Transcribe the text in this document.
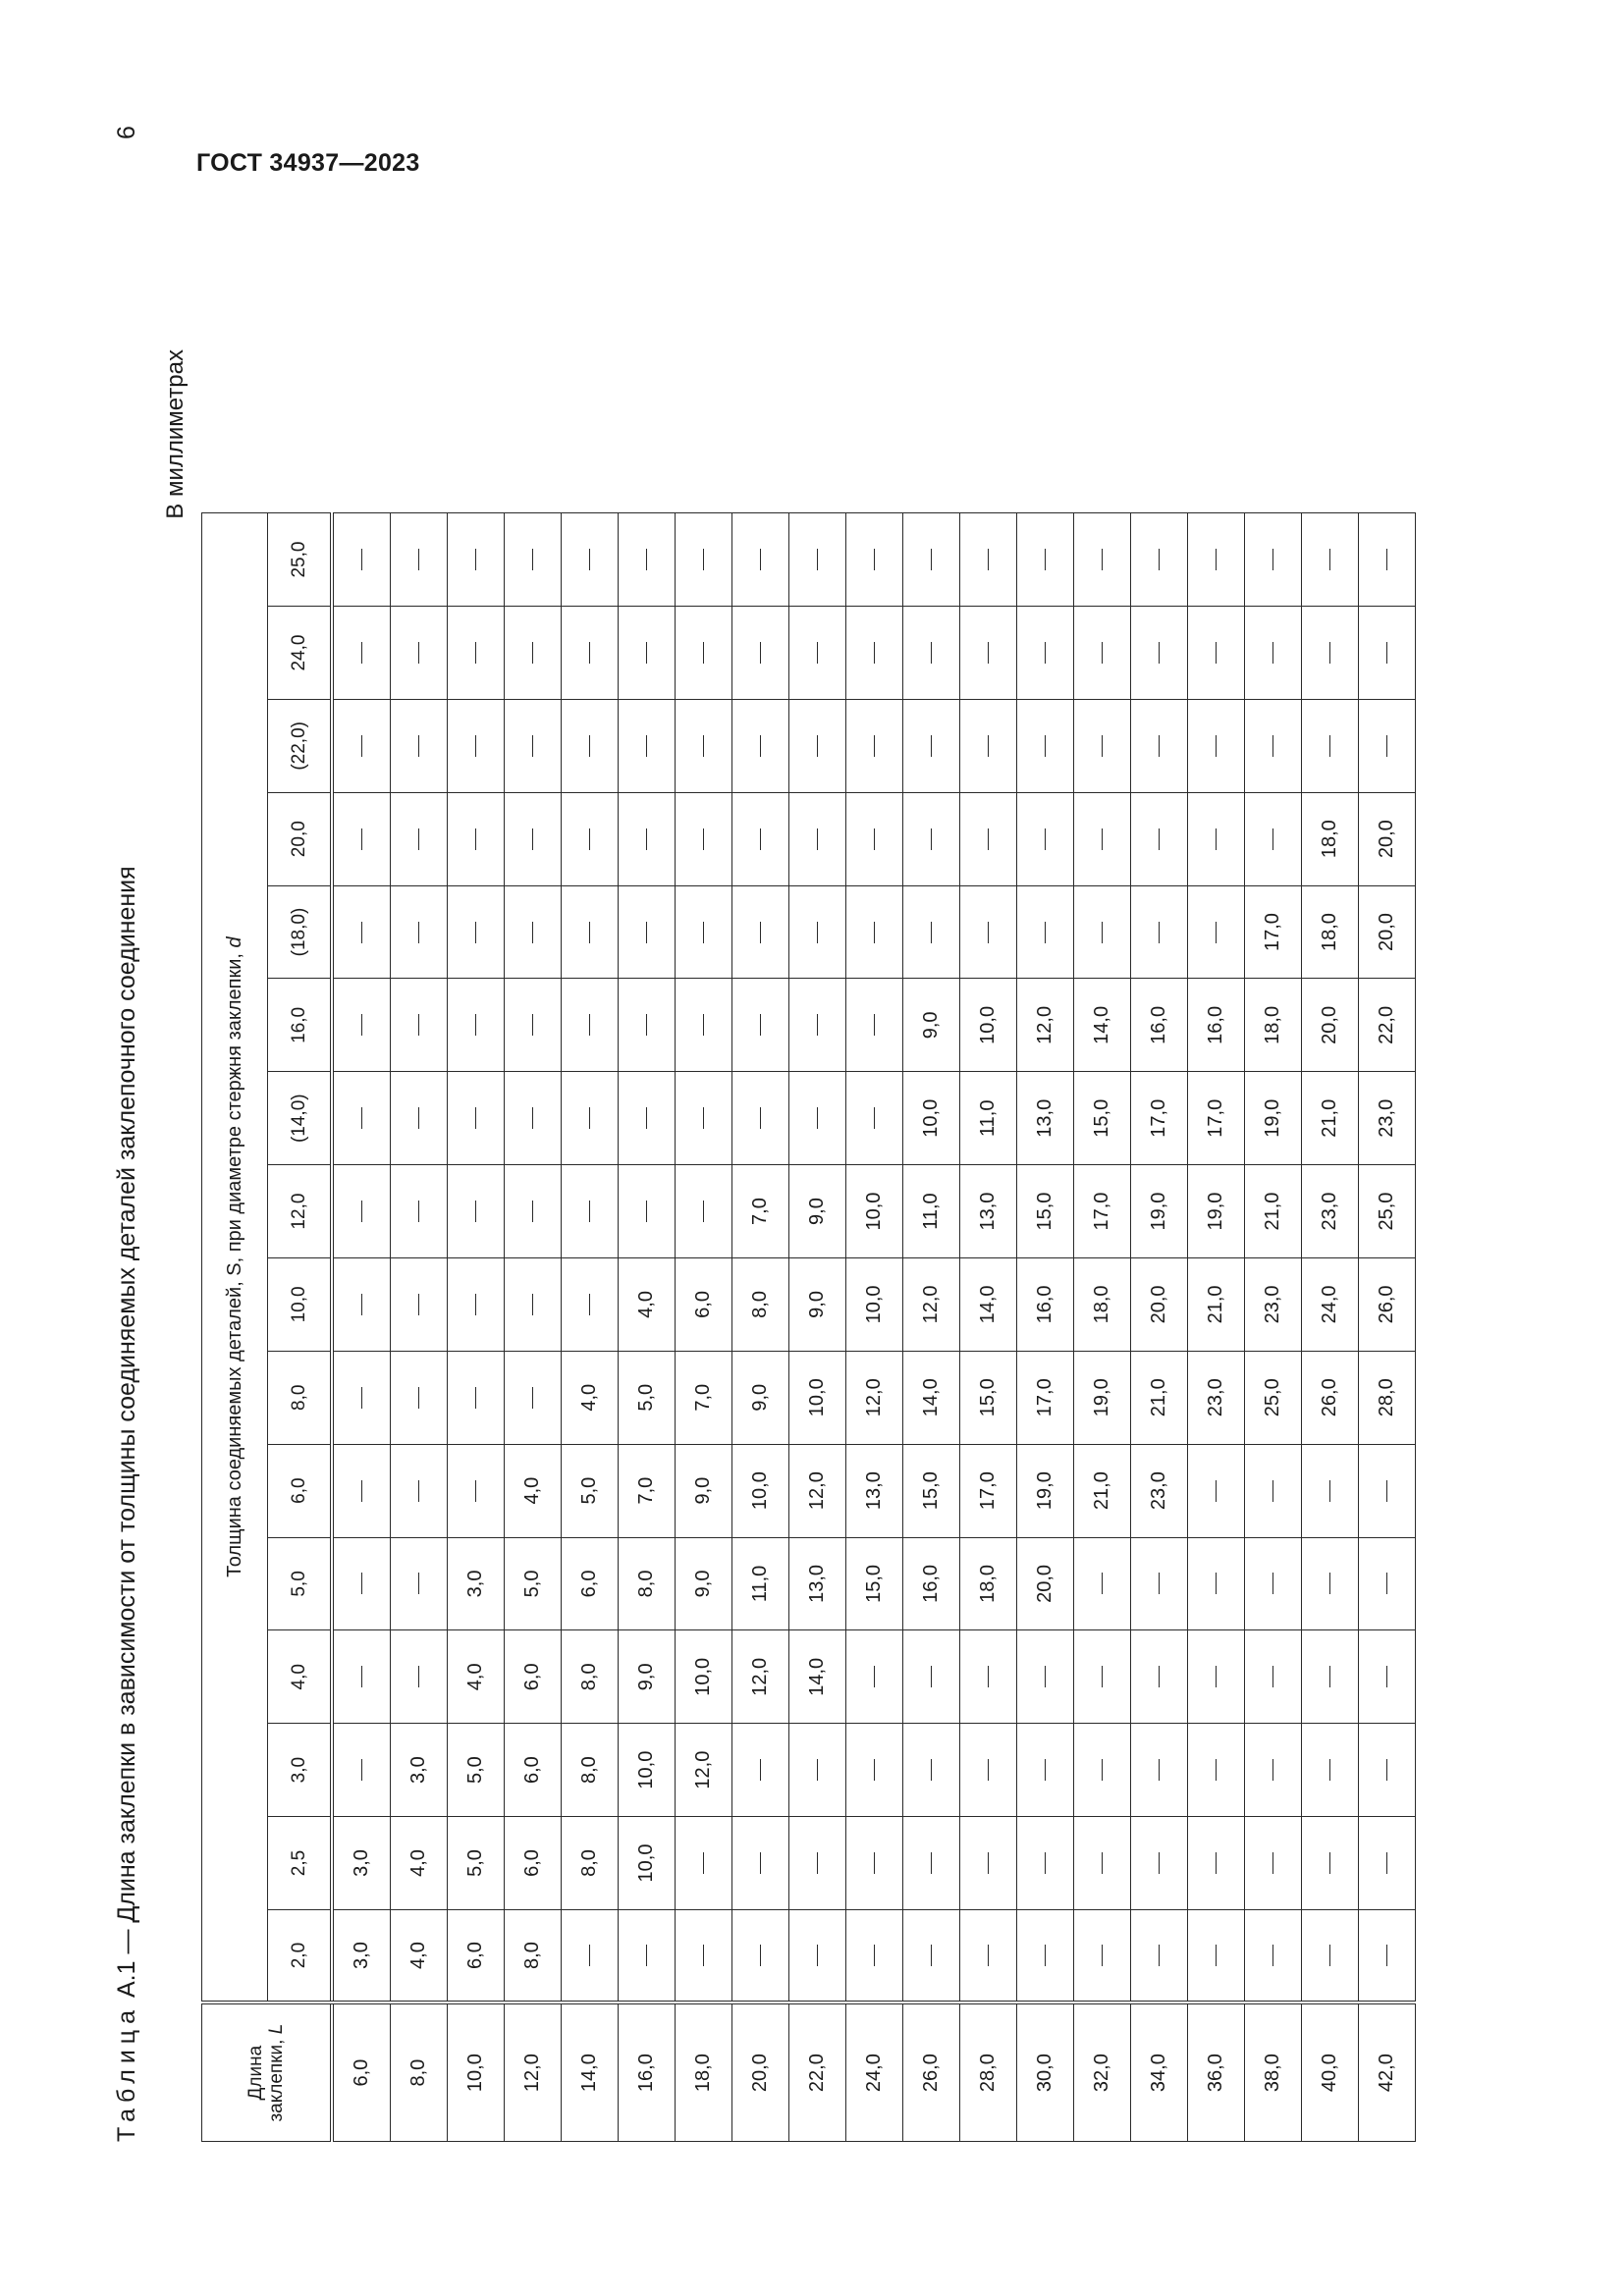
ГОСТ 34937—2023
Таблица А.1 — Длина заклепки в зависимости от толщины соединяемых деталей заклепочного соединения
6
В миллиметрах
Длина
заклепки, L	Толщина соединяемых деталей, S, при диаметре стержня заклепки, d															
	2,0	2,5	3,0	4,0	5,0	6,0	8,0	10,0	12,0	(14,0)	16,0	(18,0)	20,0	(22,0)	24,0	25,0
6,0	3,0	3,0														
8,0	4,0	4,0	3,0													
10,0	6,0	5,0	5,0	4,0	3,0											
12,0	8,0	6,0	6,0	6,0	5,0	4,0										
14,0		8,0	8,0	8,0	6,0	5,0	4,0									
16,0		10,0	10,0	9,0	8,0	7,0	5,0	4,0								
18,0			12,0	10,0	9,0	9,0	7,0	6,0								
20,0				12,0	11,0	10,0	9,0	8,0	7,0							
22,0				14,0	13,0	12,0	10,0	9,0	9,0							
24,0					15,0	13,0	12,0	10,0	10,0							
26,0					16,0	15,0	14,0	12,0	11,0	10,0	9,0					
28,0					18,0	17,0	15,0	14,0	13,0	11,0	10,0					
30,0					20,0	19,0	17,0	16,0	15,0	13,0	12,0					
32,0						21,0	19,0	18,0	17,0	15,0	14,0					
34,0						23,0	21,0	20,0	19,0	17,0	16,0					
36,0							23,0	21,0	19,0	17,0	16,0					
38,0							25,0	23,0	21,0	19,0	18,0	17,0				
40,0							26,0	24,0	23,0	21,0	20,0	18,0	18,0			
42,0							28,0	26,0	25,0	23,0	22,0	20,0	20,0			
